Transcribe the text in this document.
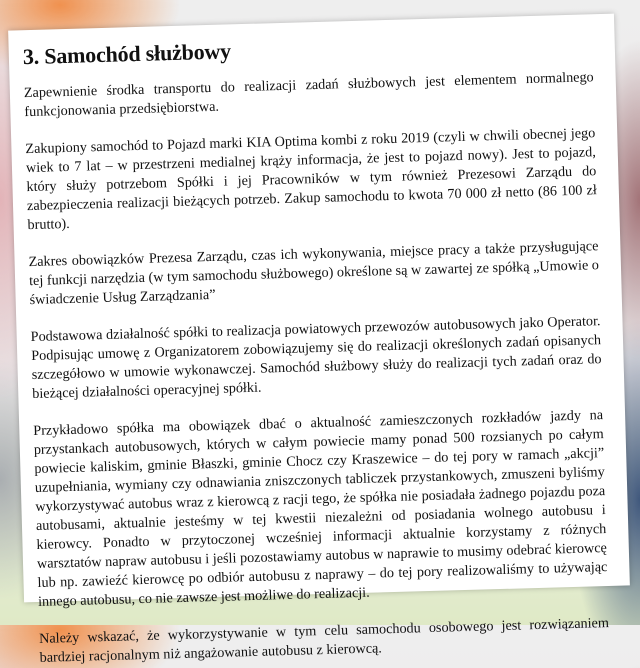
3. Samochód służbowy

Zapewnienie środka transportu do realizacji zadań służbowych jest elementem normalnego funkcjonowania przedsiębiorstwa.

Zakupiony samochód to Pojazd marki KIA Optima kombi z roku 2019 (czyli w chwili obecnej jego wiek to 7 lat – w przestrzeni medialnej krąży informacja, że jest to pojazd nowy). Jest to pojazd, który służy potrzebom Spółki i jej Pracowników w tym również Prezesowi Zarządu do zabezpieczenia realizacji bieżących potrzeb. Zakup samochodu to kwota 70 000 zł netto (86 100 zł brutto).

Zakres obowiązków Prezesa Zarządu, czas ich wykonywania, miejsce pracy a także przysługujące tej funkcji narzędzia (w tym samochodu służbowego) określone są w zawartej ze spółką „Umowie o świadczenie Usług Zarządzania”

Podstawowa działalność spółki to realizacja powiatowych przewozów autobusowych jako Operator. Podpisując umowę z Organizatorem zobowiązujemy się do realizacji określonych zadań opisanych szczegółowo w umowie wykonawczej. Samochód służbowy służy do realizacji tych zadań oraz do bieżącej działalności operacyjnej spółki.

Przykładowo spółka ma obowiązek dbać o aktualność zamieszczonych rozkładów jazdy na przystankach autobusowych, których w całym powiecie mamy ponad 500 rozsianych po całym powiecie kaliskim, gminie Błaszki, gminie Chocz czy Kraszewice – do tej pory w ramach „akcji” uzupełniania, wymiany czy odnawiania zniszczonych tabliczek przystankowych, zmuszeni byliśmy wykorzystywać autobus wraz z kierowcą z racji tego, że spółka nie posiadała żadnego pojazdu poza autobusami, aktualnie jesteśmy w tej kwestii niezależni od posiadania wolnego autobusu i kierowcy. Ponadto w przytoczonej wcześniej informacji aktualnie korzystamy z różnych warsztatów napraw autobusu i jeśli pozostawiamy autobus w naprawie to musimy odebrać kierowcę lub np. zawieźć kierowcę po odbiór autobusu z naprawy – do tej pory realizowaliśmy to używając innego autobusu, co nie zawsze jest możliwe do realizacji.

Należy wskazać, że wykorzystywanie w tym celu samochodu osobowego jest rozwiązaniem bardziej racjonalnym niż angażowanie autobusu z kierowcą.
